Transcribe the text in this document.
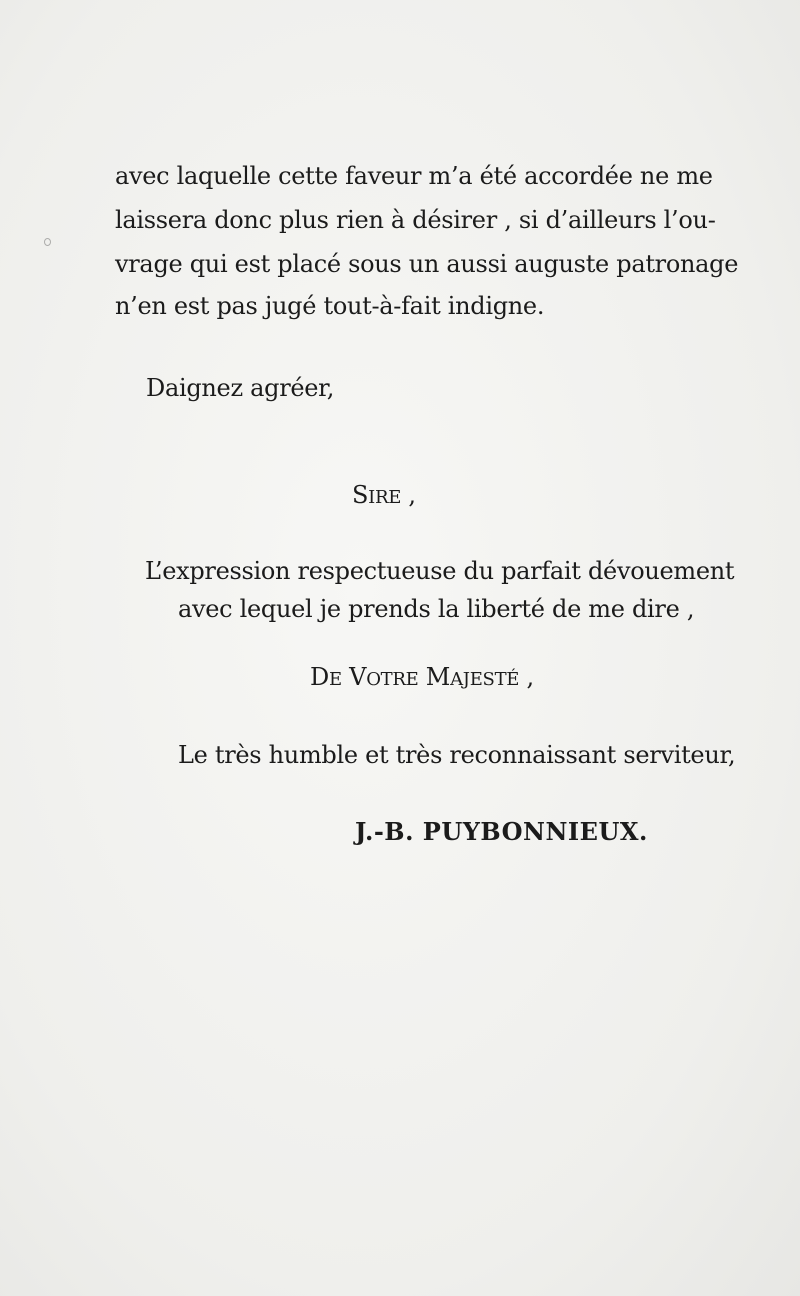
avec laquelle cette faveur m’a été accordée ne me
laissera donc plus rien à désirer , si d’ailleurs l’ou-
vrage qui est placé sous un aussi auguste patronage
n’en est pas jugé tout-à-fait indigne.
Daignez agréer,
SIRE ,
L’expression respectueuse du parfait dévouement
avec lequel je prends la liberté de me dire ,
DE VOTRE MAJESTÉ ,
Le très humble et très reconnaissant serviteur,
J.-B. PUYBONNIEUX.
